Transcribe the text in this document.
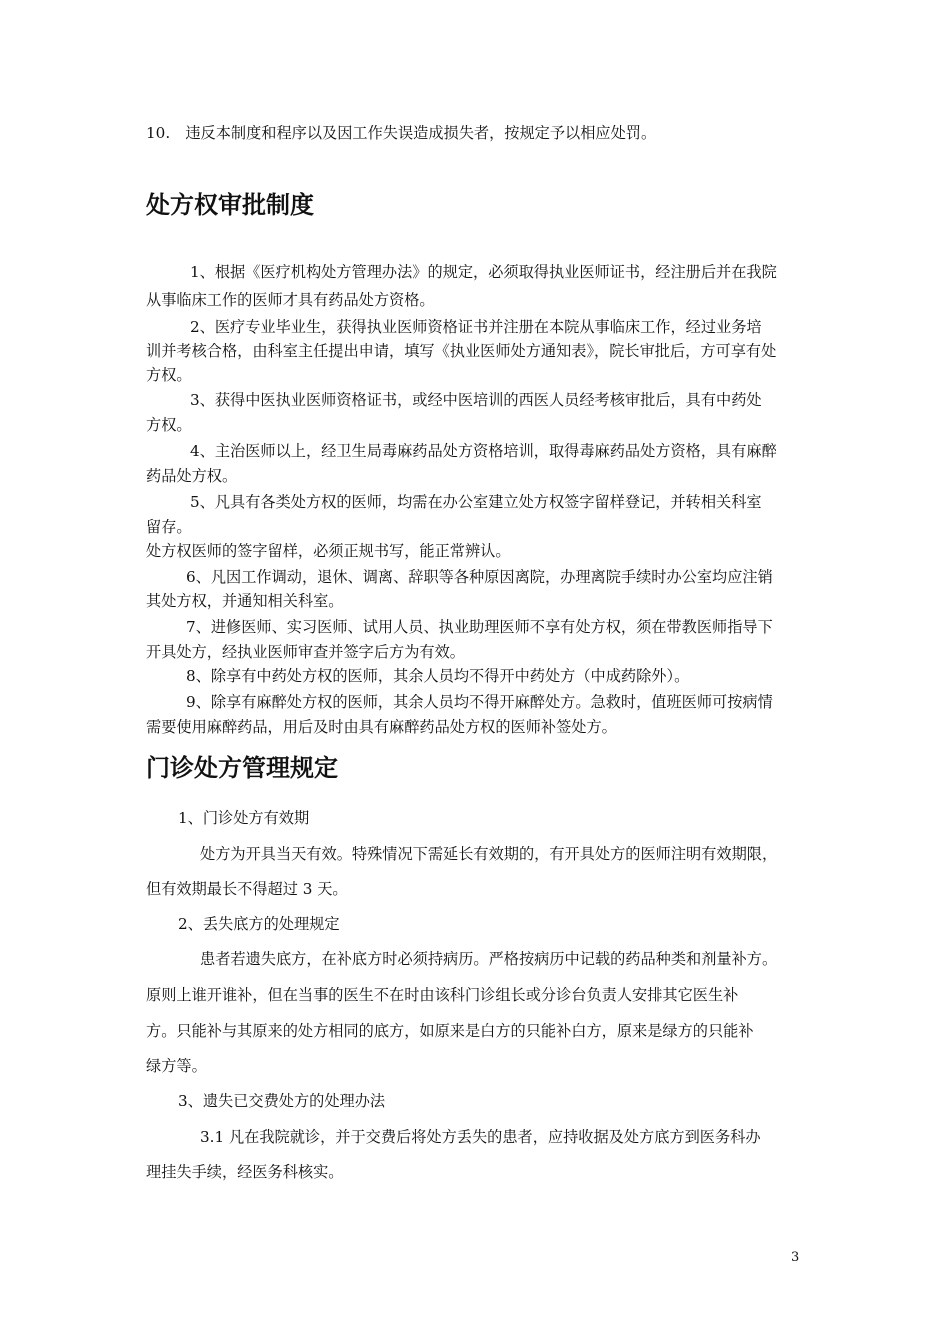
10.　违反本制度和程序以及因工作失误造成损失者，按规定予以相应处罚。
处方权审批制度
1、根据《医疗机构处方管理办法》的规定，必须取得执业医师证书，经注册后并在我院
从事临床工作的医师才具有药品处方资格。
2、医疗专业毕业生，获得执业医师资格证书并注册在本院从事临床工作，经过业务培
训并考核合格，由科室主任提出申请，填写《执业医师处方通知表》，院长审批后，方可享有处
方权。
3、获得中医执业医师资格证书，或经中医培训的西医人员经考核审批后，具有中药处
方权。
4、主治医师以上，经卫生局毒麻药品处方资格培训，取得毒麻药品处方资格，具有麻醉
药品处方权。
5、凡具有各类处方权的医师，均需在办公室建立处方权签字留样登记，并转相关科室
留存。
处方权医师的签字留样，必须正规书写，能正常辨认。
6、凡因工作调动，退休、调离、辞职等各种原因离院，办理离院手续时办公室均应注销
其处方权，并通知相关科室。
7、进修医师、实习医师、试用人员、执业助理医师不享有处方权，须在带教医师指导下
开具处方，经执业医师审查并签字后方为有效。
8、除享有中药处方权的医师，其余人员均不得开中药处方（中成药除外）。
9、除享有麻醉处方权的医师，其余人员均不得开麻醉处方。急救时，值班医师可按病情
需要使用麻醉药品，用后及时由具有麻醉药品处方权的医师补签处方。
门诊处方管理规定
1、门诊处方有效期
处方为开具当天有效。特殊情况下需延长有效期的，有开具处方的医师注明有效期限，
但有效期最长不得超过 3 天。
2、丢失底方的处理规定
患者若遗失底方，在补底方时必须持病历。严格按病历中记载的药品种类和剂量补方。
原则上谁开谁补，但在当事的医生不在时由该科门诊组长或分诊台负责人安排其它医生补
方。只能补与其原来的处方相同的底方，如原来是白方的只能补白方，原来是绿方的只能补
绿方等。
3、遗失已交费处方的处理办法
3.1 凡在我院就诊，并于交费后将处方丢失的患者，应持收据及处方底方到医务科办
理挂失手续，经医务科核实。
3
